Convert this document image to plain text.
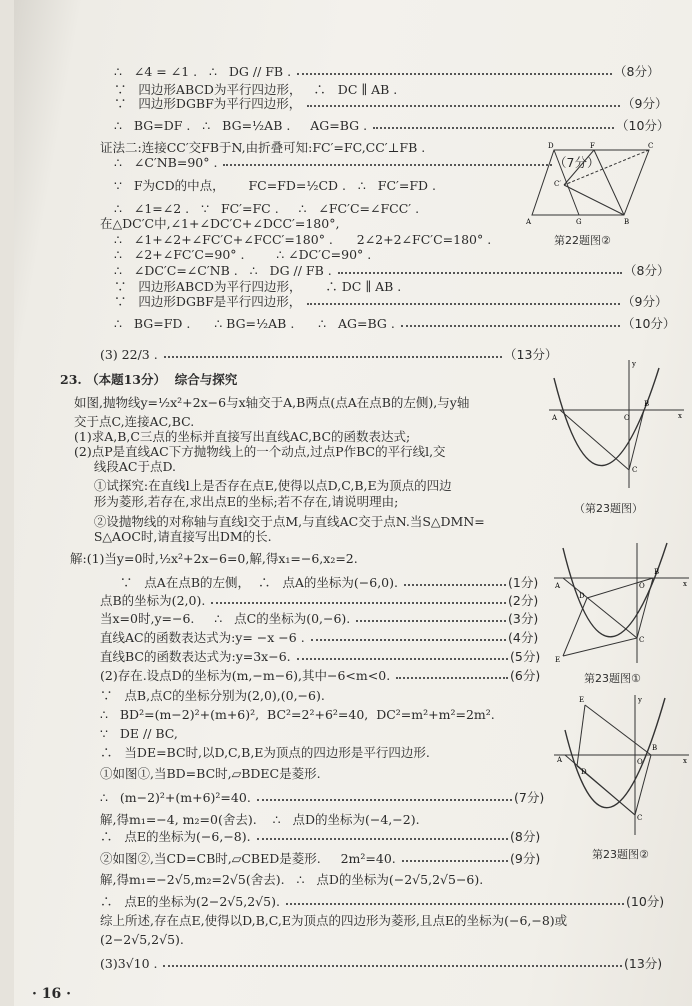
∴   ∠4 = ∠1 .   ∴   DG // FB .	（8分）
∵   四边形ABCD为平行四边形，   ∴   DC ∥ AB .
∵   四边形DGBF为平行四边形，	（9分）
∴   BG=DF .   ∴   BG=½AB .     AG=BG .	（10分）
证法二:连接CC′交FB于N,由折叠可知:FC′=FC,CC′⊥FB .
∴   ∠C′NB=90° .	（7分）
∵   F为CD的中点，      FC=FD=½CD .   ∴   FC′=FD .
∴   ∠1=∠2 .   ∵   FC′=FC .     ∴   ∠FC′C=∠FCC′ .
在△DC′C中,∠1+∠DC′C+∠DCC′=180°,
∴   ∠1+∠2+∠FC′C+∠FCC′=180° .      2∠2+2∠FC′C=180° .
∴   ∠2+∠FC′C=90° .        ∴ ∠DC′C=90° .
∴   ∠DC′C=∠C′NB .   ∴   DG // FB .	（8分）
∵   四边形ABCD为平行四边形，      ∴ DC ∥ AB .
∵   四边形DGBF是平行四边形，	（9分）
∴   BG=FD .      ∴ BG=½AB .      ∴   AG=BG .	（10分）
(3) 22/3 .	（13分）
23. （本题13分）  综合与探究
如图,抛物线y=½x²+2x−6与x轴交于A,B两点(点A在点B的左侧),与y轴
交于点C,连接AC,BC.
(1)求A,B,C三点的坐标并直接写出直线AC,BC的函数表达式;
(2)点P是直线AC下方抛物线上的一个动点,过点P作BC的平行线l,交
线段AC于点D.
①试探究:在直线l上是否存在点E,使得以点D,C,B,E为顶点的四边
形为菱形,若存在,求出点E的坐标;若不存在,请说明理由;
②设抛物线的对称轴与直线l交于点M,与直线AC交于点N.当S△DMN=
S△AOC时,请直接写出DM的长.
解:(1)当y=0时,½x²+2x−6=0,解,得x₁=−6,x₂=2.
∵   点A在点B的左侧，  ∴   点A的坐标为(−6,0).	(1分)
点B的坐标为(2,0).	(2分)
当x=0时,y=−6.     ∴   点C的坐标为(0,−6).	(3分)
直线AC的函数表达式为:y= −x −6 .	(4分)
直线BC的函数表达式为:y=3x−6.	(5分)
(2)存在.设点D的坐标为(m,−m−6),其中−6<m<0.	(6分)
∵   点B,点C的坐标分别为(2,0),(0,−6).
∴   BD²=(m−2)²+(m+6)²,  BC²=2²+6²=40,  DC²=m²+m²=2m².
∵   DE // BC,
∴   当DE=BC时,以D,C,B,E为顶点的四边形是平行四边形.
①如图①,当BD=BC时,▱BDEC是菱形.
∴   (m−2)²+(m+6)²=40.	(7分)
解,得m₁=−4, m₂=0(舍去).    ∴   点D的坐标为(−4,−2).
∴   点E的坐标为(−6,−8).	(8分)
②如图②,当CD=CB时,▱CBED是菱形.     2m²=40.	(9分)
解,得m₁=−2√5,m₂=2√5(舍去).   ∴   点D的坐标为(−2√5,2√5−6).
∴   点E的坐标为(2−2√5,2√5).	(10分)
综上所述,存在点E,使得以D,B,C,E为顶点的四边形为菱形,且点E的坐标为(−6,−8)或
(2−2√5,2√5).
(3)3√10 .	(13分)
D	F	C
C′
A	G	B
第22题图②
A	O
B
C
x
y
（第23题图）
A
B
O
C
D
E
x
第23题图①
E
A	O
B
C
D
x
y
第23题图②
· 16 ·
